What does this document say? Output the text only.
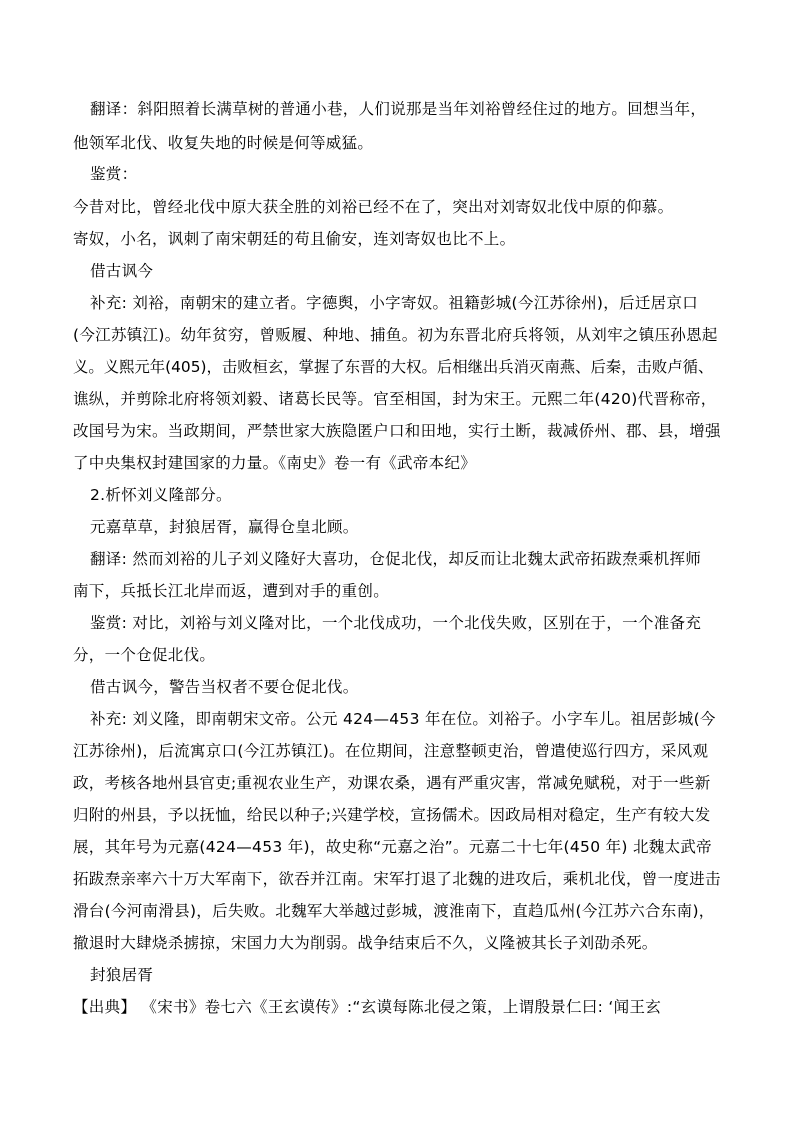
翻译：斜阳照着长满草树的普通小巷，人们说那是当年刘裕曾经住过的地方。回想当年，
他领军北伐、收复失地的时候是何等威猛。
鉴赏：
今昔对比，曾经北伐中原大获全胜的刘裕已经不在了，突出对刘寄奴北伐中原的仰慕。
寄奴，小名，讽刺了南宋朝廷的苟且偷安，连刘寄奴也比不上。
借古讽今
补充: 刘裕，南朝宋的建立者。字德舆，小字寄奴。祖籍彭城(今江苏徐州)，后迁居京口
(今江苏镇江)。幼年贫穷，曾贩履、种地、捕鱼。初为东晋北府兵将领，从刘牢之镇压孙恩起
义。义熙元年(405)，击败桓玄，掌握了东晋的大权。后相继出兵消灭南燕、后秦，击败卢循、
谯纵，并剪除北府将领刘毅、诸葛长民等。官至相国，封为宋王。元熙二年(420)代晋称帝，
改国号为宋。当政期间，严禁世家大族隐匿户口和田地，实行土断，裁减侨州、郡、县，增强
了中央集权封建国家的力量。《南史》卷一有《武帝本纪》
2.析怀刘义隆部分。
元嘉草草，封狼居胥，赢得仓皇北顾。
翻译: 然而刘裕的儿子刘义隆好大喜功，仓促北伐，却反而让北魏太武帝拓跋焘乘机挥师
南下，兵抵长江北岸而返，遭到对手的重创。
鉴赏: 对比，刘裕与刘义隆对比，一个北伐成功，一个北伐失败，区别在于，一个准备充
分，一个仓促北伐。
借古讽今，警告当权者不要仓促北伐。
补充: 刘义隆，即南朝宋文帝。公元 424—453 年在位。刘裕子。小字车儿。祖居彭城(今
江苏徐州)，后流寓京口(今江苏镇江)。在位期间，注意整顿吏治，曾遣使巡行四方，采风观
政，考核各地州县官吏;重视农业生产，劝课农桑，遇有严重灾害，常减免赋税，对于一些新
归附的州县，予以抚恤，给民以种子;兴建学校，宣扬儒术。因政局相对稳定，生产有较大发
展，其年号为元嘉(424—453 年)，故史称“元嘉之治”。元嘉二十七年(450 年) 北魏太武帝
拓跋焘亲率六十万大军南下，欲吞并江南。宋军打退了北魏的进攻后，乘机北伐，曾一度进击
滑台(今河南滑县)，后失败。北魏军大举越过彭城，渡淮南下，直趋瓜州(今江苏六合东南)，
撤退时大肆烧杀掳掠，宋国力大为削弱。战争结束后不久，义隆被其长子刘劭杀死。
封狼居胥
【出典】 《宋书》卷七六《王玄谟传》:“玄谟每陈北侵之策，上谓殷景仁曰: ‘闻王玄
